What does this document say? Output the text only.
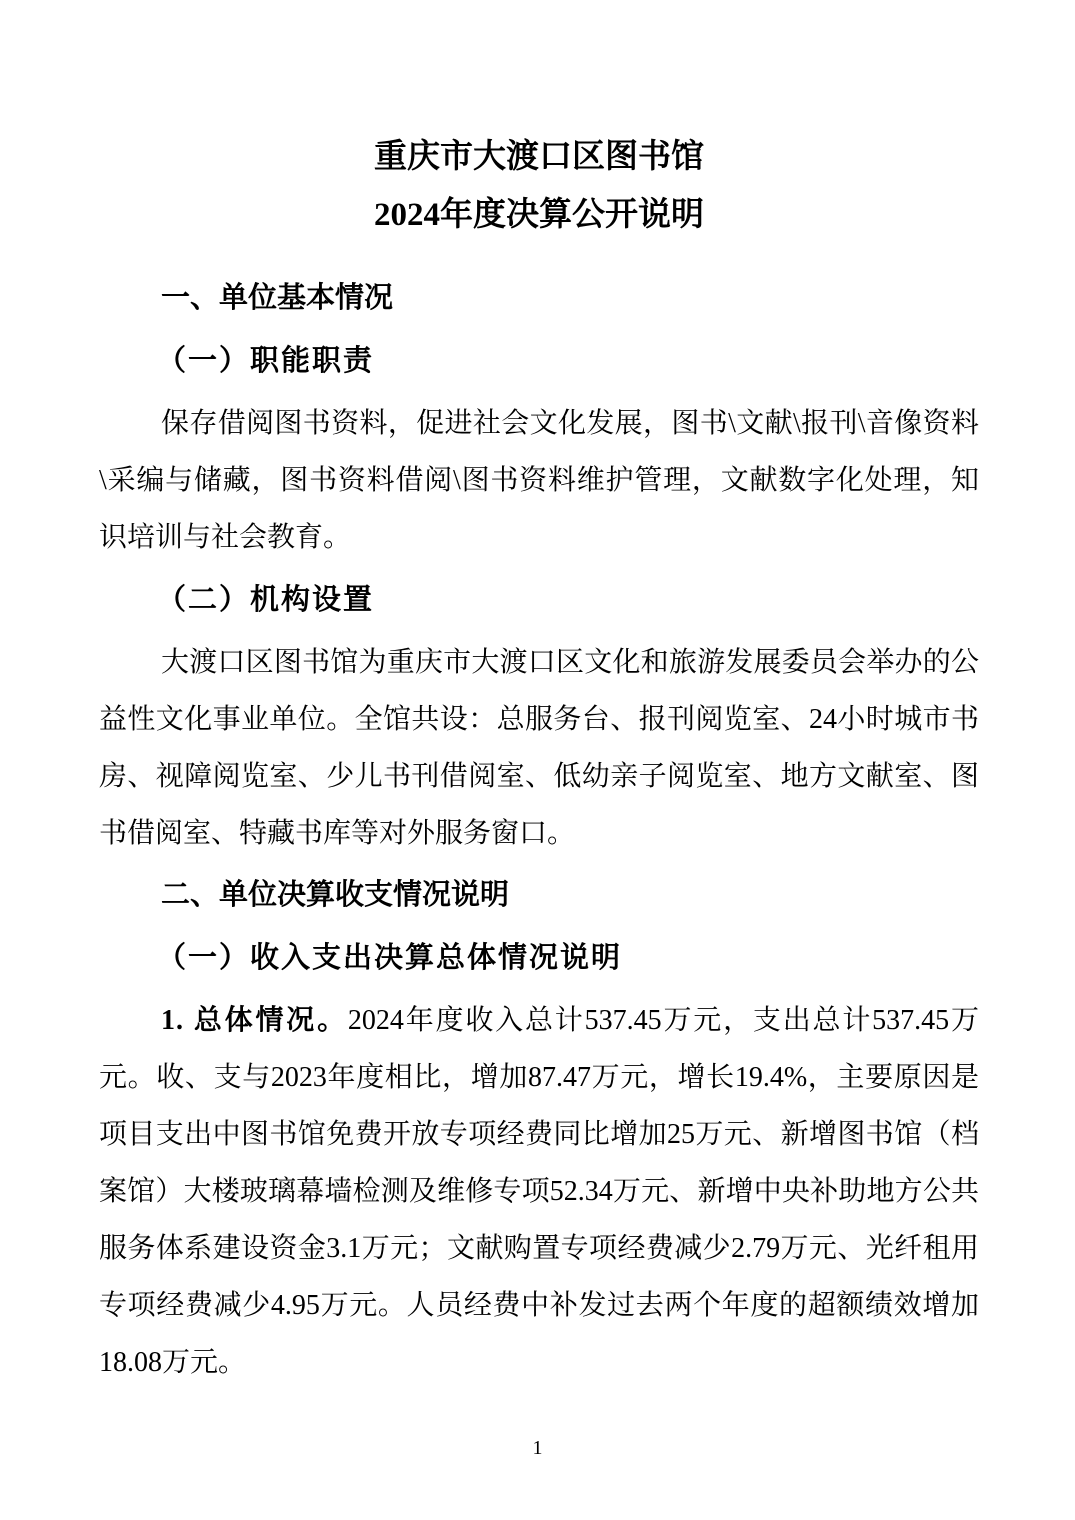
重庆市大渡口区图书馆
2024年度决算公开说明
一、单位基本情况
（一）职能职责

保存借阅图书资料，促进社会文化发展，图书\文献\报刊\音像资料\采编与储藏，图书资料借阅\图书资料维护管理，文献数字化处理，知识培训与社会教育。

（二）机构设置

大渡口区图书馆为重庆市大渡口区文化和旅游发展委员会举办的公益性文化事业单位。全馆共设：总服务台、报刊阅览室、24小时城市书房、视障阅览室、少儿书刊借阅室、低幼亲子阅览室、地方文献室、图书借阅室、特藏书库等对外服务窗口。

二、单位决算收支情况说明
（一）收入支出决算总体情况说明

1. 总体情况。2024年度收入总计537.45万元，支出总计537.45万元。收、支与2023年度相比，增加87.47万元，增长19.4%，主要原因是项目支出中图书馆免费开放专项经费同比增加25万元、新增图书馆（档案馆）大楼玻璃幕墙检测及维修专项52.34万元、新增中央补助地方公共服务体系建设资金3.1万元；文献购置专项经费减少2.79万元、光纤租用专项经费减少4.95万元。人员经费中补发过去两个年度的超额绩效增加18.08万元。

1
